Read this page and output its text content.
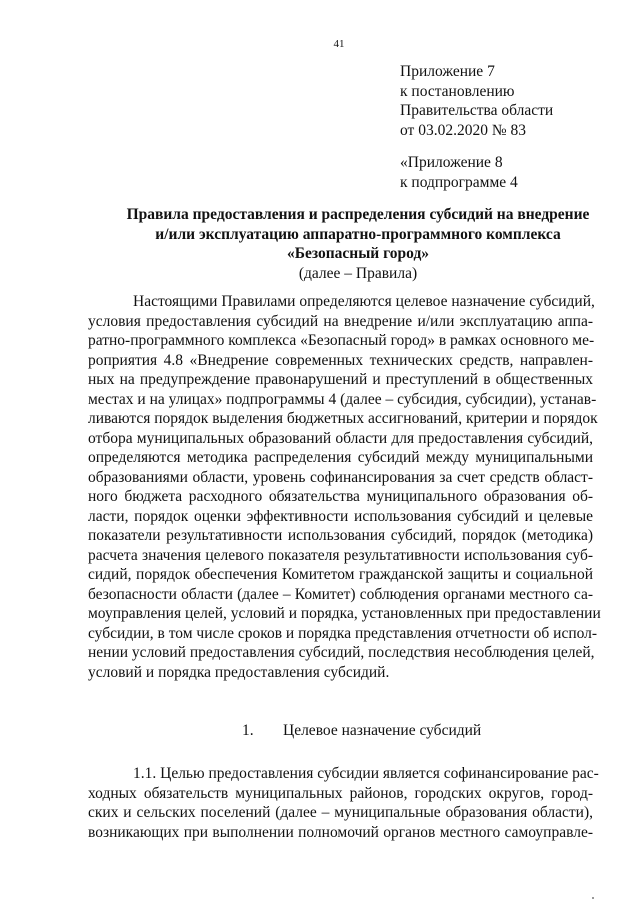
41
Приложение 7
к постановлению
Правительства области
от 03.02.2020 № 83
«Приложение 8
к подпрограмме 4
Правила предоставления и распределения субсидий на внедрение
и/или эксплуатацию аппаратно-программного комплекса
«Безопасный город»
(далее – Правила)
Настоящими Правилами определяются целевое назначение субсидий,
условия предоставления субсидий на внедрение и/или эксплуатацию аппа-
ратно-программного комплекса «Безопасный город» в рамках основного ме-
роприятия 4.8 «Внедрение современных технических средств, направлен-
ных на предупреждение правонарушений и преступлений в общественных
местах и на улицах» подпрограммы 4 (далее – субсидия, субсидии), устанав-
ливаются порядок выделения бюджетных ассигнований, критерии и порядок
отбора муниципальных образований области для предоставления субсидий,
определяются методика распределения субсидий между муниципальными
образованиями области, уровень софинансирования за счет средств област-
ного бюджета расходного обязательства муниципального образования об-
ласти, порядок оценки эффективности использования субсидий и целевые
показатели результативности использования субсидий, порядок (методика)
расчета значения целевого показателя результативности использования суб-
сидий, порядок обеспечения Комитетом гражданской защиты и социальной
безопасности области (далее – Комитет) соблюдения органами местного са-
моуправления целей, условий и порядка, установленных при предоставлении
субсидии, в том числе сроков и порядка представления отчетности об испол-
нении условий предоставления субсидий, последствия несоблюдения целей,
условий и порядка предоставления субсидий.
1. Целевое назначение субсидий
1.1. Целью предоставления субсидии является софинансирование рас-
ходных обязательств муниципальных районов, городских округов, город-
ских и сельских поселений (далее – муниципальные образования области),
возникающих при выполнении полномочий органов местного самоуправле-
